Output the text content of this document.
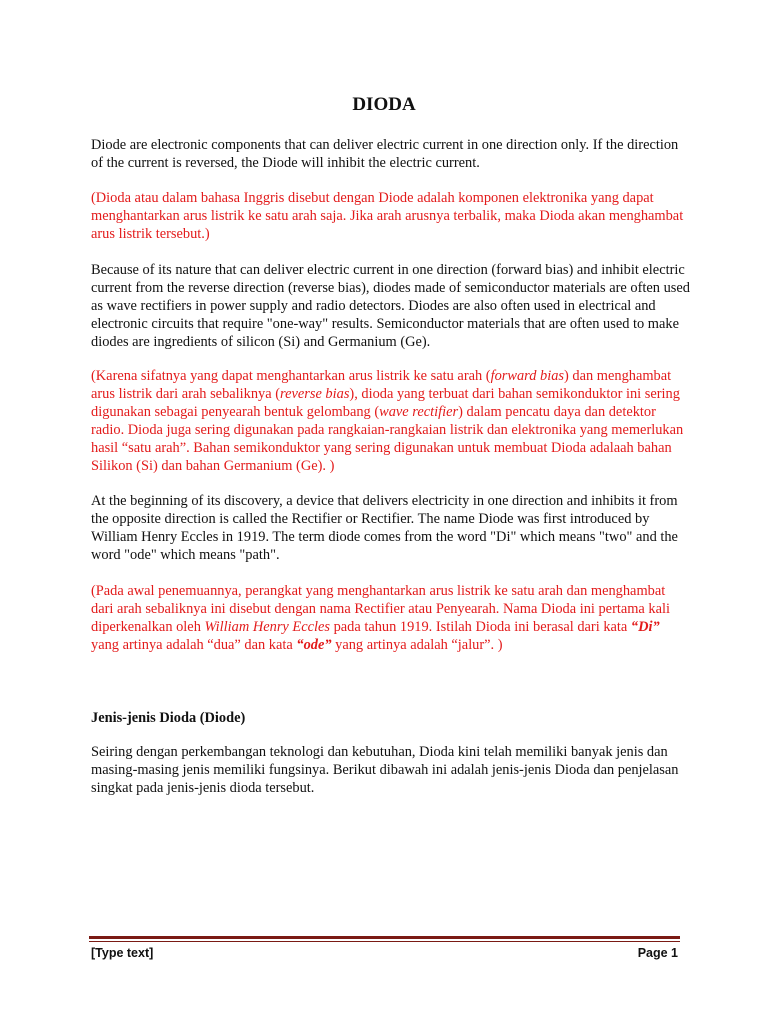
DIODA

Diode are electronic components that can deliver electric current in one direction only. If the direction of the current is reversed, the Diode will inhibit the electric current.

(Dioda atau dalam bahasa Inggris disebut dengan Diode adalah komponen elektronika yang dapat menghantarkan arus listrik ke satu arah saja. Jika arah arusnya terbalik, maka Dioda akan menghambat arus listrik tersebut.)

Because of its nature that can deliver electric current in one direction (forward bias) and inhibit electric current from the reverse direction (reverse bias), diodes made of semiconductor materials are often used as wave rectifiers in power supply and radio detectors. Diodes are also often used in electrical and electronic circuits that require "one-way" results. Semiconductor materials that are often used to make diodes are ingredients of silicon (Si) and Germanium (Ge).

(Karena sifatnya yang dapat menghantarkan arus listrik ke satu arah (forward bias) dan menghambat arus listrik dari arah sebaliknya (reverse bias), dioda yang terbuat dari bahan semikonduktor ini sering digunakan sebagai penyearah bentuk gelombang (wave rectifier) dalam pencatu daya dan detektor radio. Dioda juga sering digunakan pada rangkaian-rangkaian listrik dan elektronika yang memerlukan hasil “satu arah”. Bahan semikonduktor yang sering digunakan untuk membuat Dioda adalaah bahan Silikon (Si) dan bahan Germanium (Ge). )

At the beginning of its discovery, a device that delivers electricity in one direction and inhibits it from the opposite direction is called the Rectifier or Rectifier. The name Diode was first introduced by William Henry Eccles in 1919. The term diode comes from the word "Di" which means "two" and the word "ode" which means "path".

(Pada awal penemuannya, perangkat yang menghantarkan arus listrik ke satu arah dan menghambat dari arah sebaliknya ini disebut dengan nama Rectifier atau Penyearah. Nama Dioda ini pertama kali diperkenalkan oleh William Henry Eccles pada tahun 1919. Istilah Dioda ini berasal dari kata “Di” yang artinya adalah “dua” dan kata “ode” yang artinya adalah “jalur”. )

Jenis-jenis Dioda (Diode)

Seiring dengan perkembangan teknologi dan kebutuhan, Dioda kini telah memiliki banyak jenis dan masing-masing jenis memiliki fungsinya. Berikut dibawah ini adalah jenis-jenis Dioda dan penjelasan singkat pada jenis-jenis dioda tersebut.

[Type text]	Page 1
